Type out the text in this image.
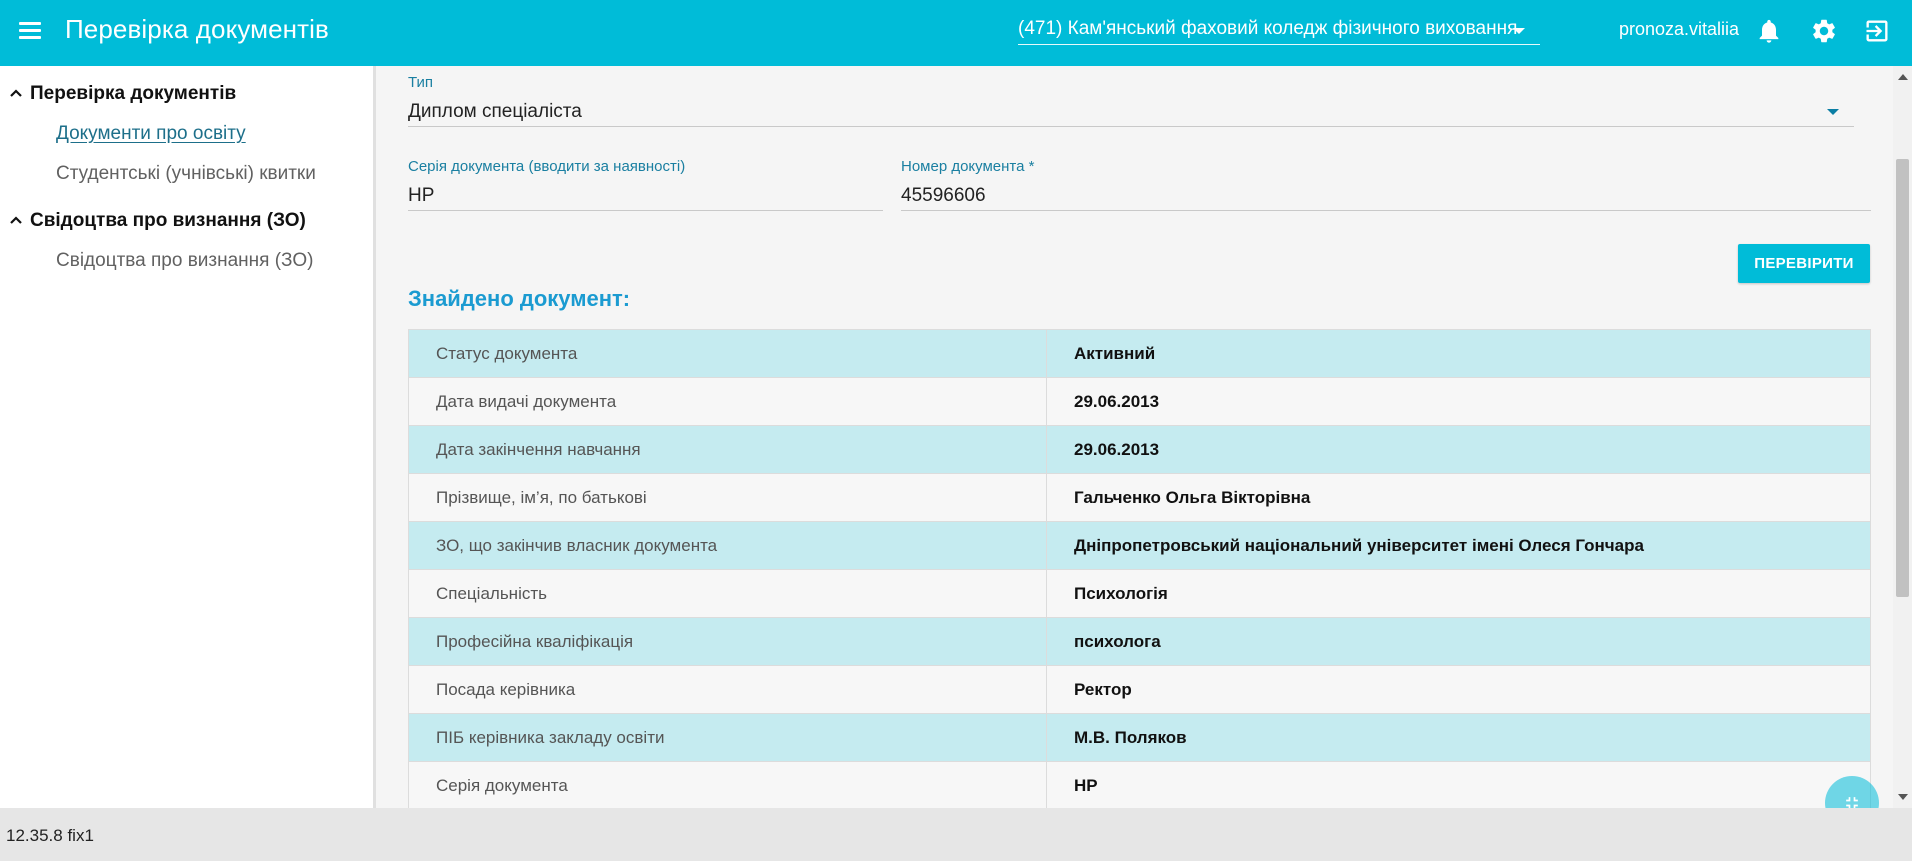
Перевірка документів	(471) Кам'янський фаховий коледж фізичного виховання	pronoza.vitaliia
Перевірка документів
Документи про освіту
Студентські (учнівські) квитки
Свідоцтва про визнання (ЗО)
Свідоцтва про визнання (ЗО)
Тип
Диплом спеціаліста
Серія документа (вводити за наявності)
НР
Номер документа *
45596606
ПЕРЕВІРИТИ
Знайдено документ:
Статус документа	Активний
Дата видачі документа	29.06.2013
Дата закінчення навчання	29.06.2013
Прізвище, ім’я, по батькові	Гальченко Ольга Вікторівна
ЗО, що закінчив власник документа	Дніпропетровський національний університет імені Олеся Гончара
Спеціальність	Психологія
Професійна кваліфікація	психолога
Посада керівника	Ректор
ПІБ керівника закладу освіти	М.В. Поляков
Серія документа	НР
12.35.8 fix1
